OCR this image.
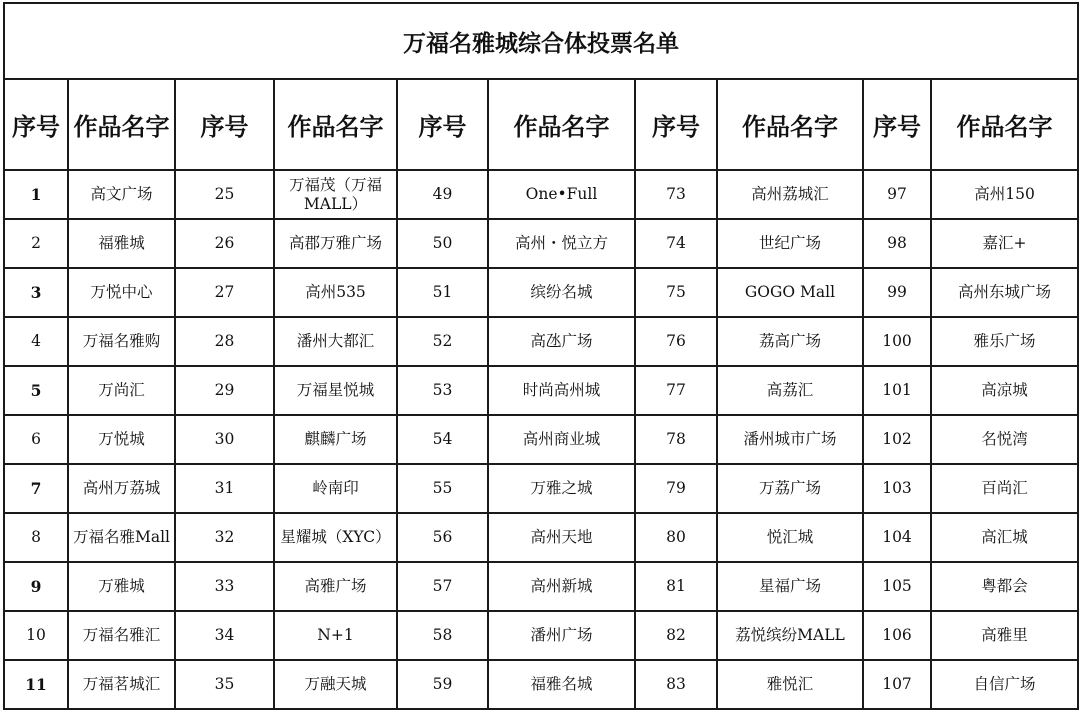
万福名雅城综合体投票名单									
序号	作品名字	序号	作品名字	序号	作品名字	序号	作品名字	序号	作品名字
1	高文广场	25	万福茂（万福MALL）	49	One•Full	73	高州荔城汇	97	高州150
2	福雅城	26	高郡万雅广场	50	高州・悦立方	74	世纪广场	98	嘉汇+
3	万悦中心	27	高州535	51	缤纷名城	75	GOGO Mall	99	高州东城广场
4	万福名雅购	28	潘州大都汇	52	高氹广场	76	荔高广场	100	雅乐广场
5	万尚汇	29	万福星悦城	53	时尚高州城	77	高荔汇	101	高凉城
6	万悦城	30	麒麟广场	54	高州商业城	78	潘州城市广场	102	名悦湾
7	高州万荔城	31	岭南印	55	万雅之城	79	万荔广场	103	百尚汇
8	万福名雅Mall	32	星耀城（XYC）	56	高州天地	80	悦汇城	104	高汇城
9	万雅城	33	高雅广场	57	高州新城	81	星福广场	105	粤都会
10	万福名雅汇	34	N+1	58	潘州广场	82	荔悦缤纷MALL	106	高雅里
11	万福茗城汇	35	万融天城	59	福雅名城	83	雅悦汇	107	自信广场
